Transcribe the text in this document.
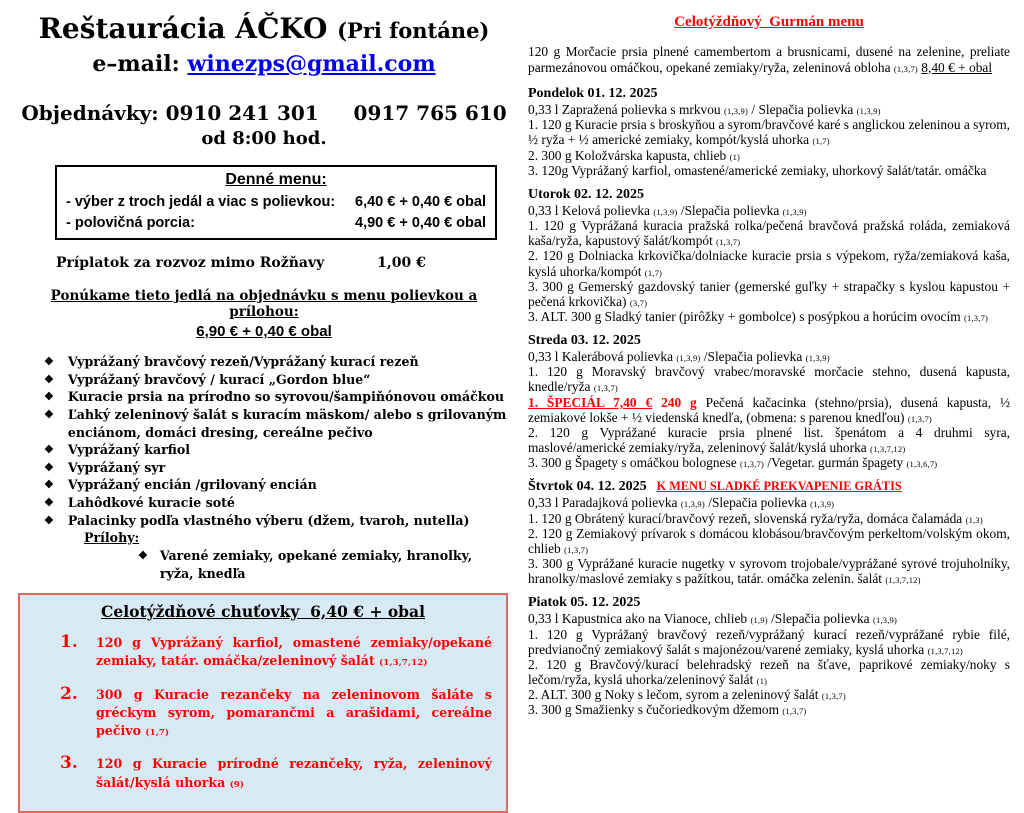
Reštaurácia ÁČKO (Pri fontáne)
e–mail: winezps@gmail.com
Objednávky: 0910 241 301     0917 765 610
od 8:00 hod.
Denné menu:
- výber z troch jedál a viac s polievkou: 6,40 € + 0,40 € obal
- polovičná porcia:	4,90 € + 0,40 € obal
Príplatok za rozvoz mimo Rožňavy	1,00 €
Ponúkame tieto jedlá na objednávku s menu polievkou a prílohou:
6,90 € + 0,40 € obal
❖ Vyprážaný bravčový rezeň/Vyprážaný kurací rezeň
❖ Vyprážaný bravčový / kurací „Gordon blue“
❖ Kuracie prsia na prírodno so syrovou/šampiňónovou omáčkou
❖ Ľahký zeleninový šalát s kuracím mäskom/ alebo s grilovaným enciánom, domáci dresing, cereálne pečivo
❖ Vyprážaný karfiol
❖ Vyprážaný syr
❖ Vyprážaný encián /grilovaný encián
❖ Lahôdkové kuracie soté
❖ Palacinky podľa vlastného výberu (džem, tvaroh, nutella)
Prílohy:
❖ Varené zemiaky, opekané zemiaky, hranolky, ryža, knedľa
Celotýždňové chuťovky  6,40 € + obal
1.	120 g Vyprážaný karfiol, omastené zemiaky/opekané zemiaky, tatár. omáčka/zeleninový šalát (1,3,7,12)
2.	300 g Kuracie rezančeky na zeleninovom šaláte s gréckym syrom, pomarančmi a arašidami, cereálne pečivo (1,7)
3.	120 g Kuracie prírodné rezančeky, ryža, zeleninový šalát/kyslá uhorka (9)
Celotýždňový  Gurmán menu

120 g Morčacie prsia plnené camembertom a brusnicami, dusené na zelenine, preliate parmezánovou omáčkou, opekané zemiaky/ryža, zeleninová obloha (1,3,7) 8,40 € + obal

Pondelok 01. 12. 2025

0,33 l Zapražená polievka s mrkvou (1,3,9) / Slepačia polievka (1,3,9)

1. 120 g Kuracie prsia s broskyňou a syrom/bravčové karé s anglickou zeleninou a syrom, ½ ryža + ½ americké zemiaky, kompót/kyslá uhorka (1,7)

2. 300 g Koložvárska kapusta, chlieb (1)

3. 120g Vyprážaný karfiol, omastené/americké zemiaky, uhorkový šalát/tatár. omáčka

Utorok 02. 12. 2025

0,33 l Kelová polievka (1,3,9) /Slepačia polievka (1,3,9)

1. 120 g Vyprážaná kuracia pražská rolka/pečená bravčová pražská roláda, zemiaková kaša/ryža, kapustový šalát/kompót (1,3,7)

2. 120 g Dolniacka krkovička/dolniacke kuracie prsia s výpekom, ryža/zemiaková kaša, kyslá uhorka/kompót (1,7)

3. 300 g Gemerský gazdovský tanier (gemerské guľky + strapačky s kyslou kapustou + pečená krkovička) (3,7)

3. ALT. 300 g Sladký tanier (pirôžky + gombolce) s posýpkou a horúcim ovocím (1,3,7)

Streda 03. 12. 2025

0,33 l Kalerábová polievka (1,3,9) /Slepačia polievka (1,3,9)

1. 120 g Moravský bravčový vrabec/moravské morčacie stehno, dusená kapusta, knedle/ryža (1,3,7)

1. ŠPECIÁL 7,40 € 240 g Pečená kačacinka (stehno/prsia), dusená kapusta, ½ zemiakové lokše + ½ viedenská knedľa, (obmena: s parenou knedľou) (1,3,7)

2. 120 g Vyprážané kuracie prsia plnené list. špenátom a 4 druhmi syra, maslové/americké zemiaky/ryža, zeleninový šalát/kyslá uhorka (1,3,7,12)

3. 300 g Špagety s omáčkou bolognese (1,3,7) /Vegetar. gurmán špagety (1,3,6,7)

Štvrtok 04. 12. 2025 K MENU SLADKÉ PREKVAPENIE GRÁTIS

0,33 l Paradajková polievka (1,3,9) /Slepačia polievka (1,3,9)

1. 120 g Obrátený kurací/bravčový rezeň, slovenská ryža/ryža, domáca čalamáda (1,3)

2. 120 g Zemiakový prívarok s domácou klobásou/bravčovým perkeltom/volským okom, chlieb (1,3,7)

3. 300 g Vyprážané kuracie nugetky v syrovom trojobale/vyprážané syrové trojuholníky, hranolky/maslové zemiaky s pažítkou, tatár. omáčka zelenin. šalát (1,3,7,12)

Piatok 05. 12. 2025

0,33 l Kapustnica ako na Vianoce, chlieb (1,9) /Slepačia polievka (1,3,9)

1. 120 g Vyprážaný bravčový rezeň/vyprážaný kurací rezeň/vyprážané rybie filé, predvianočný zemiakový šalát s majonézou/varené zemiaky, kyslá uhorka (1,3,7,12)

2. 120 g Bravčový/kurací belehradský rezeň na šťave, paprikové zemiaky/noky s lečom/ryža, kyslá uhorka/zeleninový šalát (1)

2. ALT. 300 g Noky s lečom, syrom a zeleninový šalát (1,3,7)

3. 300 g Smažienky s čučoriedkovým džemom (1,3,7)
